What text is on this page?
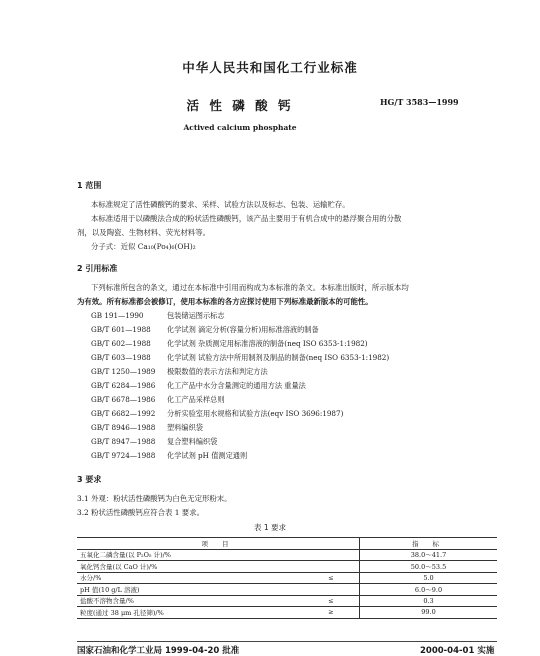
中华人民共和国化工行业标准
活 性 磷 酸 钙	HG/T 3583—1999
Actived calcium phosphate
1 范围
本标准规定了活性磷酸钙的要求、采样、试验方法以及标志、包装、运输贮存。
本标准适用于以磷酸法合成的粉状活性磷酸钙，该产品主要用于有机合成中的悬浮聚合用的分散
剂，以及陶瓷、生物材料、荧光材料等。
分子式：近似 Ca₁₀(Po₄)₆(OH)₂
2 引用标准
下列标准所包含的条文，通过在本标准中引用而构成为本标准的条文。本标准出版时，所示版本均
为有效。所有标准都会被修订，使用本标准的各方应探讨使用下列标准最新版本的可能性。
GB 191—1990	包装储运图示标志
GB/T 601—1988 化学试剂 滴定分析(容量分析)用标准溶液的制备
GB/T 602—1988 化学试剂 杂质测定用标准溶液的制备(neq ISO 6353-1:1982)
GB/T 603—1988 化学试剂 试验方法中所用制剂及制品的制备(neq ISO 6353-1:1982)
GB/T 1250—1989 极限数值的表示方法和判定方法
GB/T 6284—1986 化工产品中水分含量测定的通用方法 重量法
GB/T 6678—1986 化工产品采样总则
GB/T 6682—1992 分析实验室用水规格和试验方法(eqv ISO 3696:1987)
GB/T 8946—1988 塑料编织袋
GB/T 8947—1988 复合塑料编织袋
GB/T 9724—1988 化学试剂 pH 值测定通则
3 要求
3.1 外观：粉状活性磷酸钙为白色无定形粉末。
3.2 粉状活性磷酸钙应符合表 1 要求。
表 1 要求
项 目		指 标
五氧化二磷含量(以 P₂O₅ 计)/%		38.0～41.7
氧化钙含量(以 CaO 计)/%		50.0～53.5
水分/%	≤	5.0
pH 值(10 g/L 溶液)		6.0～9.0
盐酸不溶物含量/%	≤	0.3
粒度(通过 38 μm 孔径筛)/%	≥	99.0
国家石油和化学工业局 1999-04-20 批准	2000-04-01 实施
